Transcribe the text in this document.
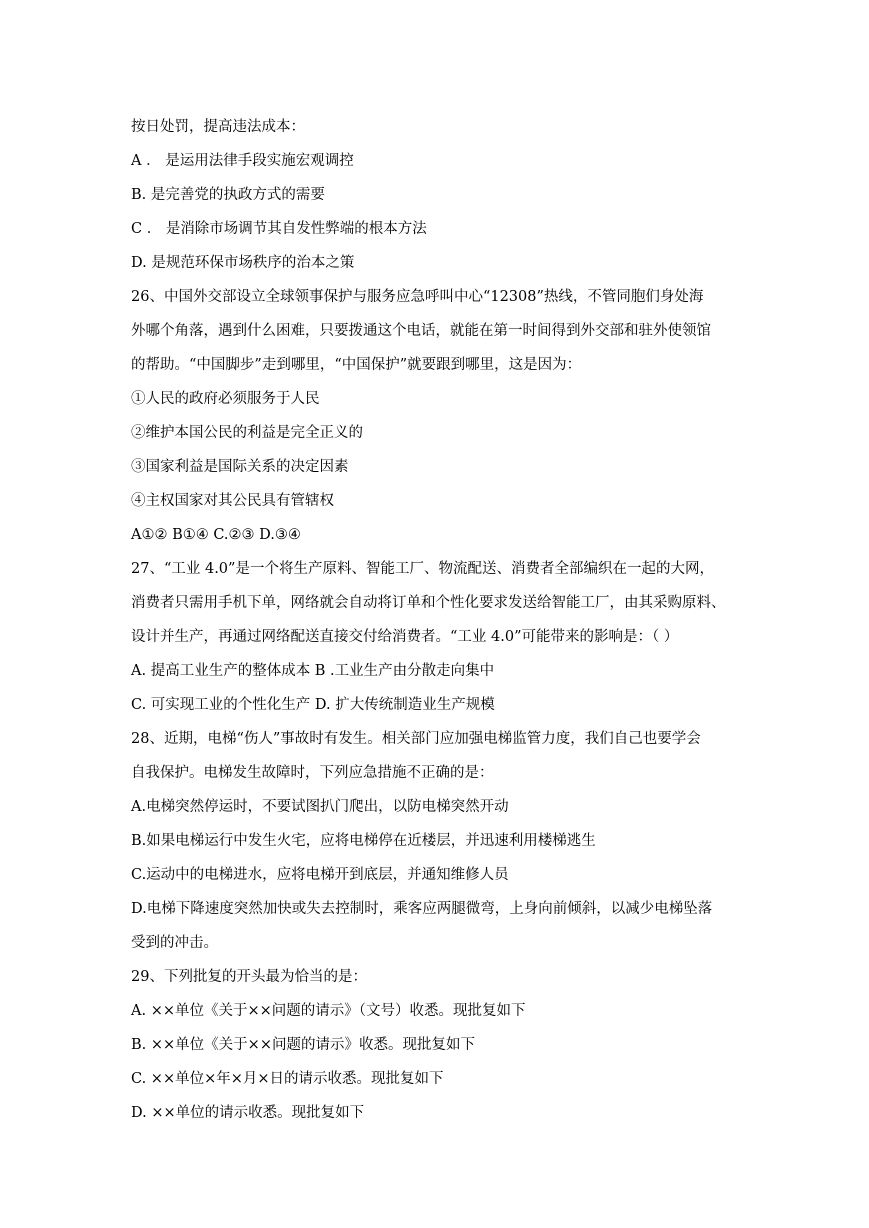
按日处罚，提高违法成本：
A ． 是运用法律手段实施宏观调控
B. 是完善党的执政方式的需要
C ． 是消除市场调节其自发性弊端的根本方法
D. 是规范环保市场秩序的治本之策
26、中国外交部设立全球领事保护与服务应急呼叫中心“12308”热线，不管同胞们身处海
外哪个角落，遇到什么困难，只要拨通这个电话，就能在第一时间得到外交部和驻外使领馆
的帮助。“中国脚步”走到哪里，“中国保护”就要跟到哪里，这是因为：
①人民的政府必须服务于人民
②维护本国公民的利益是完全正义的
③国家利益是国际关系的决定因素
④主权国家对其公民具有管辖权
A①② B①④ C.②③ D.③④
27、“工业 4.0”是一个将生产原料、智能工厂、物流配送、消费者全部编织在一起的大网，
消费者只需用手机下单，网络就会自动将订单和个性化要求发送给智能工厂，由其采购原料、
设计并生产，再通过网络配送直接交付给消费者。“工业 4.0”可能带来的影响是：（ ）
A. 提高工业生产的整体成本 B .工业生产由分散走向集中
C. 可实现工业的个性化生产 D. 扩大传统制造业生产规模
28、近期，电梯“伤人”事故时有发生。相关部门应加强电梯监管力度，我们自己也要学会
自我保护。电梯发生故障时，下列应急措施不正确的是：
A.电梯突然停运时，不要试图扒门爬出，以防电梯突然开动
B.如果电梯运行中发生火宅，应将电梯停在近楼层，并迅速利用楼梯逃生
C.运动中的电梯进水，应将电梯开到底层，并通知维修人员
D.电梯下降速度突然加快或失去控制时，乘客应两腿微弯，上身向前倾斜，以减少电梯坠落
受到的冲击。
29、下列批复的开头最为恰当的是：
A. ××单位《关于××问题的请示》（文号）收悉。现批复如下
B. ××单位《关于××问题的请示》收悉。现批复如下
C. ××单位×年×月×日的请示收悉。现批复如下
D. ××单位的请示收悉。现批复如下
